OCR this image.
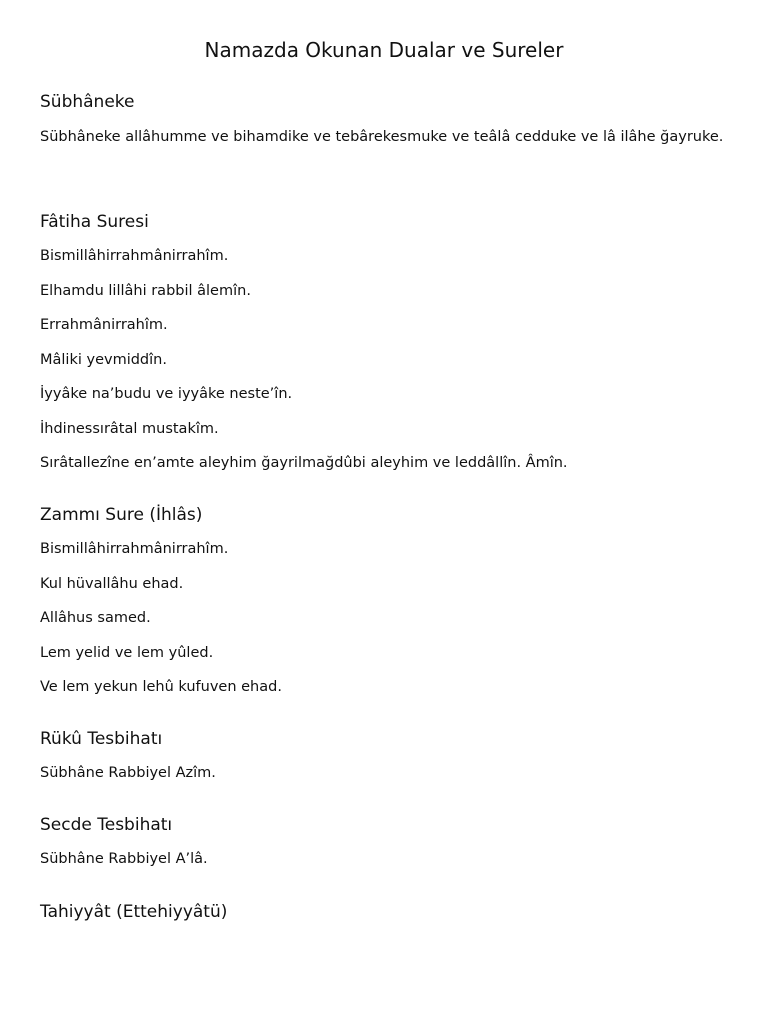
Namazda Okunan Dualar ve Sureler
Sübhâneke

Sübhâneke allâhumme ve bihamdike ve tebârekesmuke ve teâlâ cedduke ve lâ ilâhe ğayruke.

Fâtiha Suresi

Bismillâhirrahmânirrahîm.

Elhamdu lillâhi rabbil âlemîn.

Errahmânirrahîm.

Mâliki yevmiddîn.

İyyâke na’budu ve iyyâke neste’în.

İhdinessırâtal mustakîm.

Sırâtallezîne en’amte aleyhim ğayrilmağdûbi aleyhim ve leddâllîn. Âmîn.

Zammı Sure (İhlâs)

Bismillâhirrahmânirrahîm.

Kul hüvallâhu ehad.

Allâhus samed.

Lem yelid ve lem yûled.

Ve lem yekun lehû kufuven ehad.

Rükû Tesbihatı

Sübhâne Rabbiyel Azîm.

Secde Tesbihatı

Sübhâne Rabbiyel A’lâ.

Tahiyyât (Ettehiyyâtü)
